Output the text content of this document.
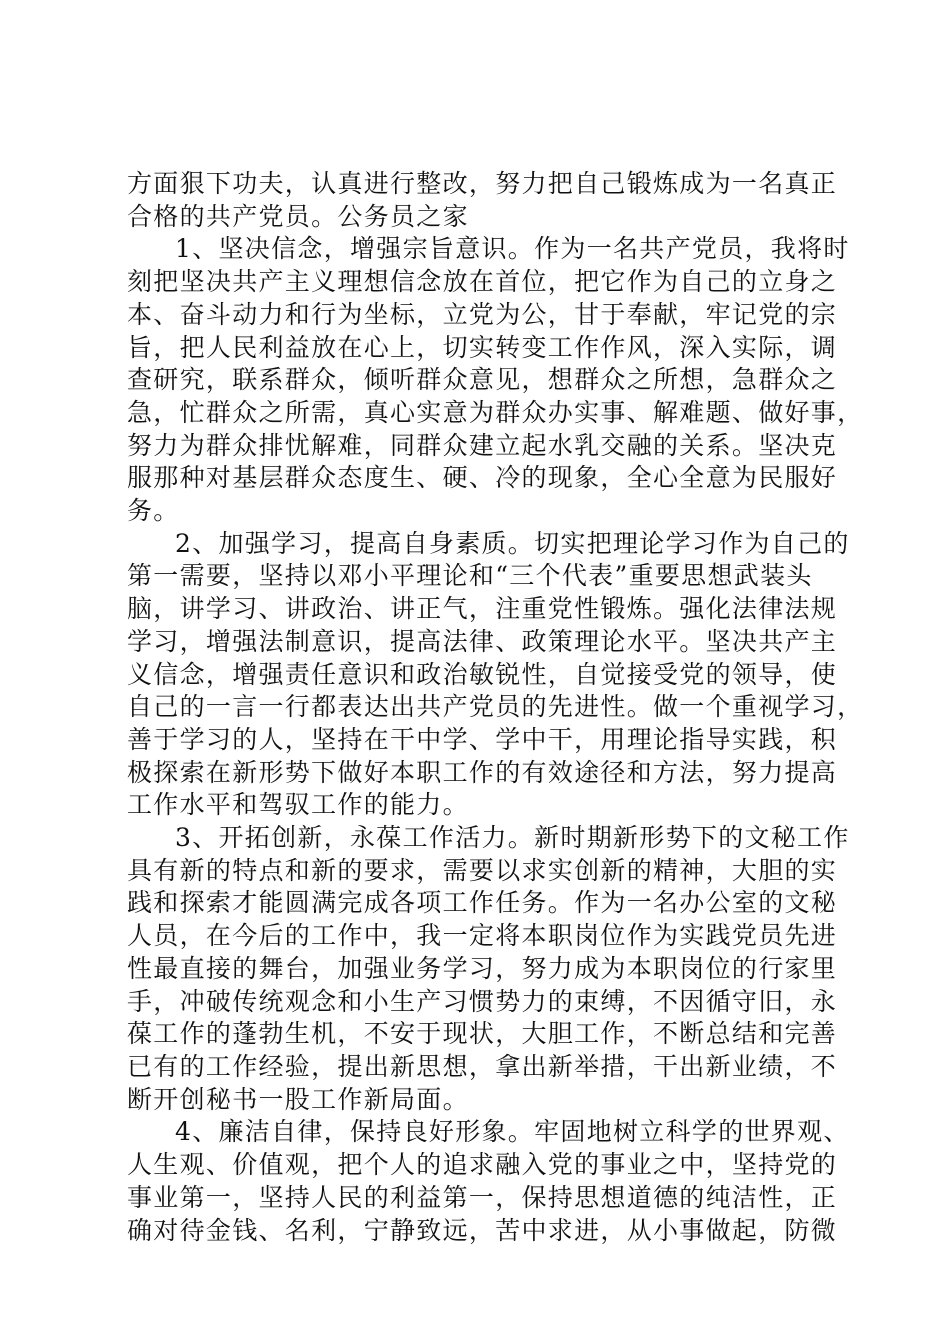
方面狠下功夫，认真进行整改，努力把自己锻炼成为一名真正
合格的共产党员。公务员之家

1、坚决信念，增强宗旨意识。作为一名共产党员，我将时
刻把坚决共产主义理想信念放在首位，把它作为自己的立身之
本、奋斗动力和行为坐标，立党为公，甘于奉献，牢记党的宗
旨，把人民利益放在心上，切实转变工作作风，深入实际，调
查研究，联系群众，倾听群众意见，想群众之所想，急群众之
急，忙群众之所需，真心实意为群众办实事、解难题、做好事，
努力为群众排忧解难，同群众建立起水乳交融的关系。坚决克
服那种对基层群众态度生、硬、冷的现象，全心全意为民服好
务。

2、加强学习，提高自身素质。切实把理论学习作为自己的
第一需要，坚持以邓小平理论和“三个代表”重要思想武装头
脑，讲学习、讲政治、讲正气，注重党性锻炼。强化法律法规
学习，增强法制意识，提高法律、政策理论水平。坚决共产主
义信念，增强责任意识和政治敏锐性，自觉接受党的领导，使
自己的一言一行都表达出共产党员的先进性。做一个重视学习，
善于学习的人，坚持在干中学、学中干，用理论指导实践，积
极探索在新形势下做好本职工作的有效途径和方法，努力提高
工作水平和驾驭工作的能力。

3、开拓创新，永葆工作活力。新时期新形势下的文秘工作
具有新的特点和新的要求，需要以求实创新的精神，大胆的实
践和探索才能圆满完成各项工作任务。作为一名办公室的文秘
人员，在今后的工作中，我一定将本职岗位作为实践党员先进
性最直接的舞台，加强业务学习，努力成为本职岗位的行家里
手，冲破传统观念和小生产习惯势力的束缚，不因循守旧，永
葆工作的蓬勃生机，不安于现状，大胆工作，不断总结和完善
已有的工作经验，提出新思想，拿出新举措，干出新业绩，不
断开创秘书一股工作新局面。

4、廉洁自律，保持良好形象。牢固地树立科学的世界观、
人生观、价值观，把个人的追求融入党的事业之中，坚持党的
事业第一，坚持人民的利益第一，保持思想道德的纯洁性，正
确对待金钱、名利，宁静致远，苦中求进，从小事做起，防微
